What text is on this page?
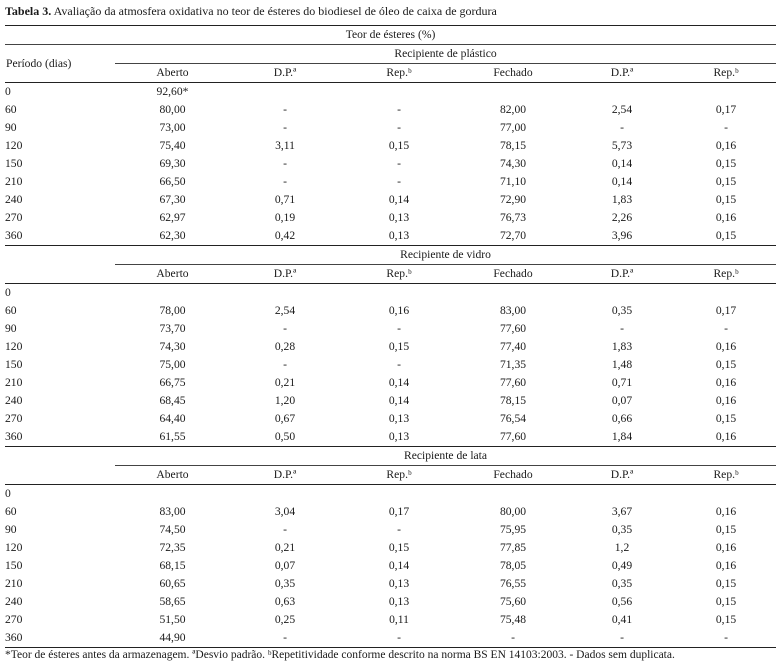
Tabela 3. Avaliação da atmosfera oxidativa no teor de ésteres do biodiesel de óleo de caixa de gordura
Teor de ésteres (%)						
Período (dias)	Recipiente de plástico					
	Aberto	D.P.ª	Rep.ᵇ	Fechado	D.P.ª	Rep.ᵇ
0	92,60*					
60	80,00	-	-	82,00	2,54	0,17
90	73,00	-	-	77,00	-	-
120	75,40	3,11	0,15	78,15	5,73	0,16
150	69,30	-	-	74,30	0,14	0,15
210	66,50	-	-	71,10	0,14	0,15
240	67,30	0,71	0,14	72,90	1,83	0,15
270	62,97	0,19	0,13	76,73	2,26	0,16
360	62,30	0,42	0,13	72,70	3,96	0,15
	Recipiente de vidro					
	Aberto	D.P.ª	Rep.ᵇ	Fechado	D.P.ª	Rep.ᵇ
0						
60	78,00	2,54	0,16	83,00	0,35	0,17
90	73,70	-	-	77,60	-	-
120	74,30	0,28	0,15	77,40	1,83	0,16
150	75,00	-	-	71,35	1,48	0,15
210	66,75	0,21	0,14	77,60	0,71	0,16
240	68,45	1,20	0,14	78,15	0,07	0,16
270	64,40	0,67	0,13	76,54	0,66	0,15
360	61,55	0,50	0,13	77,60	1,84	0,16
	Recipiente de lata					
	Aberto	D.P.ª	Rep.ᵇ	Fechado	D.P.ª	Rep.ᵇ
0						
60	83,00	3,04	0,17	80,00	3,67	0,16
90	74,50	-	-	75,95	0,35	0,15
120	72,35	0,21	0,15	77,85	1,2	0,16
150	68,15	0,07	0,14	78,05	0,49	0,16
210	60,65	0,35	0,13	76,55	0,35	0,15
240	58,65	0,63	0,13	75,60	0,56	0,15
270	51,50	0,25	0,11	75,48	0,41	0,15
360	44,90	-	-	-	-	-
*Teor de ésteres antes da armazenagem. ªDesvio padrão. ᵇRepetitividade conforme descrito na norma BS EN 14103:2003. - Dados sem duplicata.
